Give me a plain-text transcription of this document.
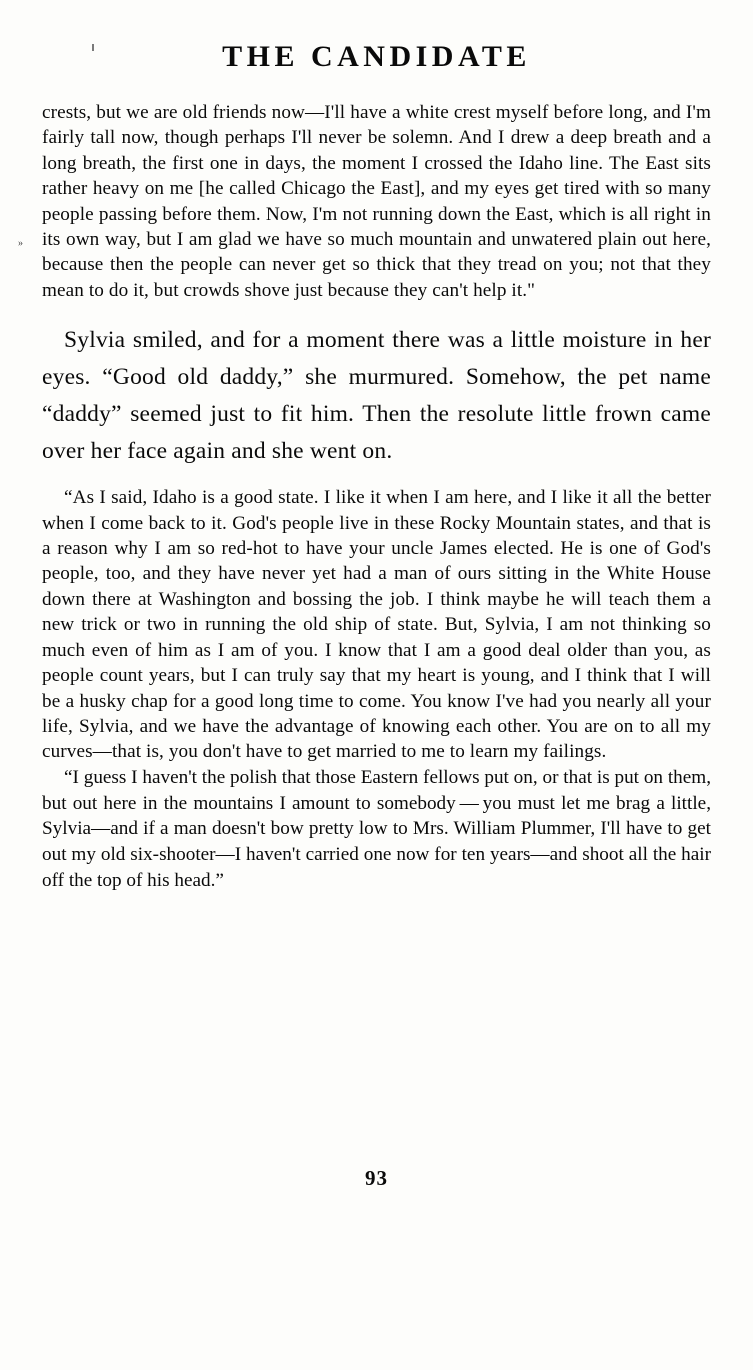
»
THE CANDIDATE

crests, but we are old friends now—I'll have a white crest myself before long, and I'm fairly tall now, though perhaps I'll never be solemn. And I drew a deep breath and a long breath, the first one in days, the moment I crossed the Idaho line. The East sits rather heavy on me [he called Chicago the East], and my eyes get tired with so many people passing before them. Now, I'm not running down the East, which is all right in its own way, but I am glad we have so much mountain and unwatered plain out here, because then the people can never get so thick that they tread on you; not that they mean to do it, but crowds shove just because they can't help it."

Sylvia smiled, and for a moment there was a little moisture in her eyes. “Good old daddy,” she murmured. Somehow, the pet name “daddy” seemed just to fit him. Then the resolute little frown came over her face again and she went on.

“As I said, Idaho is a good state. I like it when I am here, and I like it all the better when I come back to it. God's people live in these Rocky Mountain states, and that is a reason why I am so red-hot to have your uncle James elected. He is one of God's people, too, and they have never yet had a man of ours sitting in the White House down there at Washington and bossing the job. I think maybe he will teach them a new trick or two in running the old ship of state. But, Sylvia, I am not thinking so much even of him as I am of you. I know that I am a good deal older than you, as people count years, but I can truly say that my heart is young, and I think that I will be a husky chap for a good long time to come. You know I've had you nearly all your life, Sylvia, and we have the advantage of knowing each other. You are on to all my curves—that is, you don't have to get married to me to learn my failings.

“I guess I haven't the polish that those Eastern fellows put on, or that is put on them, but out here in the mountains I amount to somebody — you must let me brag a little, Sylvia—and if a man doesn't bow pretty low to Mrs. William Plummer, I'll have to get out my old six-shooter—I haven't carried one now for ten years—and shoot all the hair off the top of his head.”

93
